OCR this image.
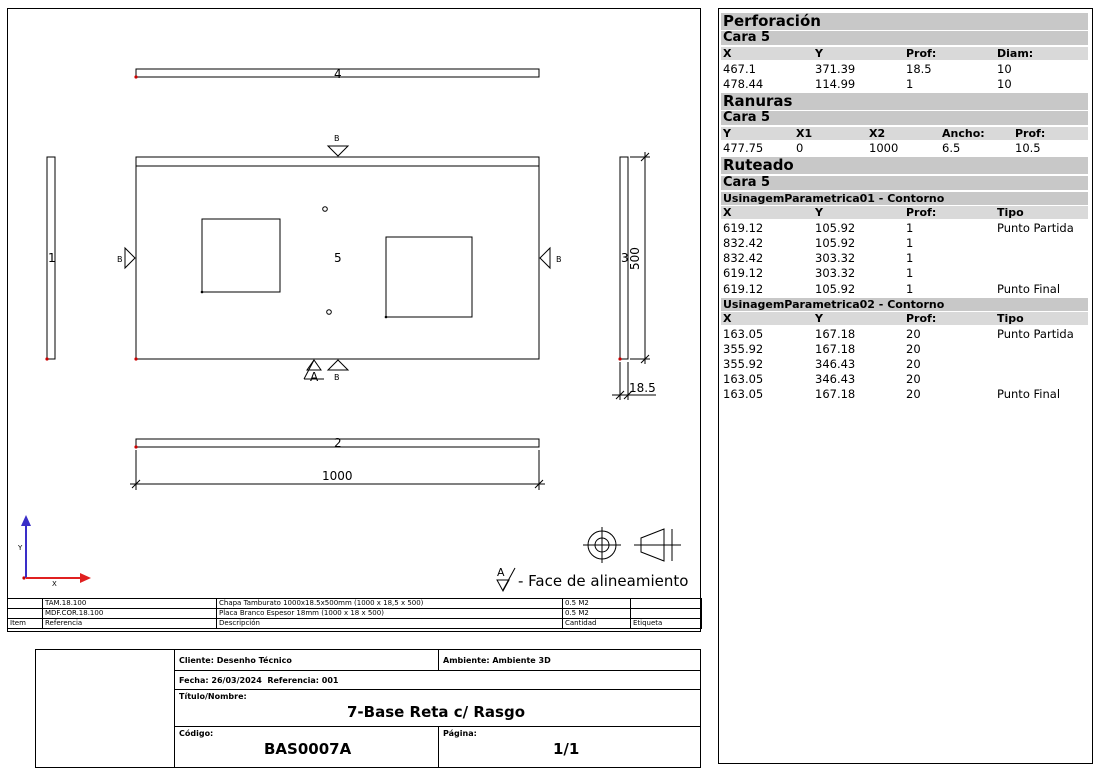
4
2
1	3
5
B
B	B
B
A
1000
500
18.5
Y
X
A - Face de alineamiento
	TAM.18.100	Chapa Tamburato 1000x18.5x500mm (1000 x 18,5 x 500)	0.5 M2	
	MDF.COR.18.100	Placa Branco Espesor 18mm (1000 x 18 x 500)	0.5 M2	
Item	Referencia	Descripción	Cantidad	Etiqueta
Cliente: Desenho Técnico	Ambiente: Ambiente 3D
Fecha: 26/03/2024 Referencia: 001
Título/Nombre:
7-Base Reta c/ Rasgo
Código:	Página:
BAS0007A	1/1
Perforación
Cara 5
X	Y	Prof:	Diam:
467.1	371.39	18.5	10
478.44	114.99	1	10
Ranuras
Cara 5
Y	X1	X2	Ancho:	Prof:
477.75	0	1000	6.5	10.5
Ruteado
Cara 5
UsinagemParametrica01 - Contorno
X	Y	Prof:	Tipo
619.12	105.92	1	Punto Partida
832.42	105.92	1
832.42	303.32	1
619.12	303.32	1
619.12	105.92	1	Punto Final
UsinagemParametrica02 - Contorno
X	Y	Prof:	Tipo
163.05	167.18	20	Punto Partida
355.92	167.18	20
355.92	346.43	20
163.05	346.43	20
163.05	167.18	20	Punto Final
